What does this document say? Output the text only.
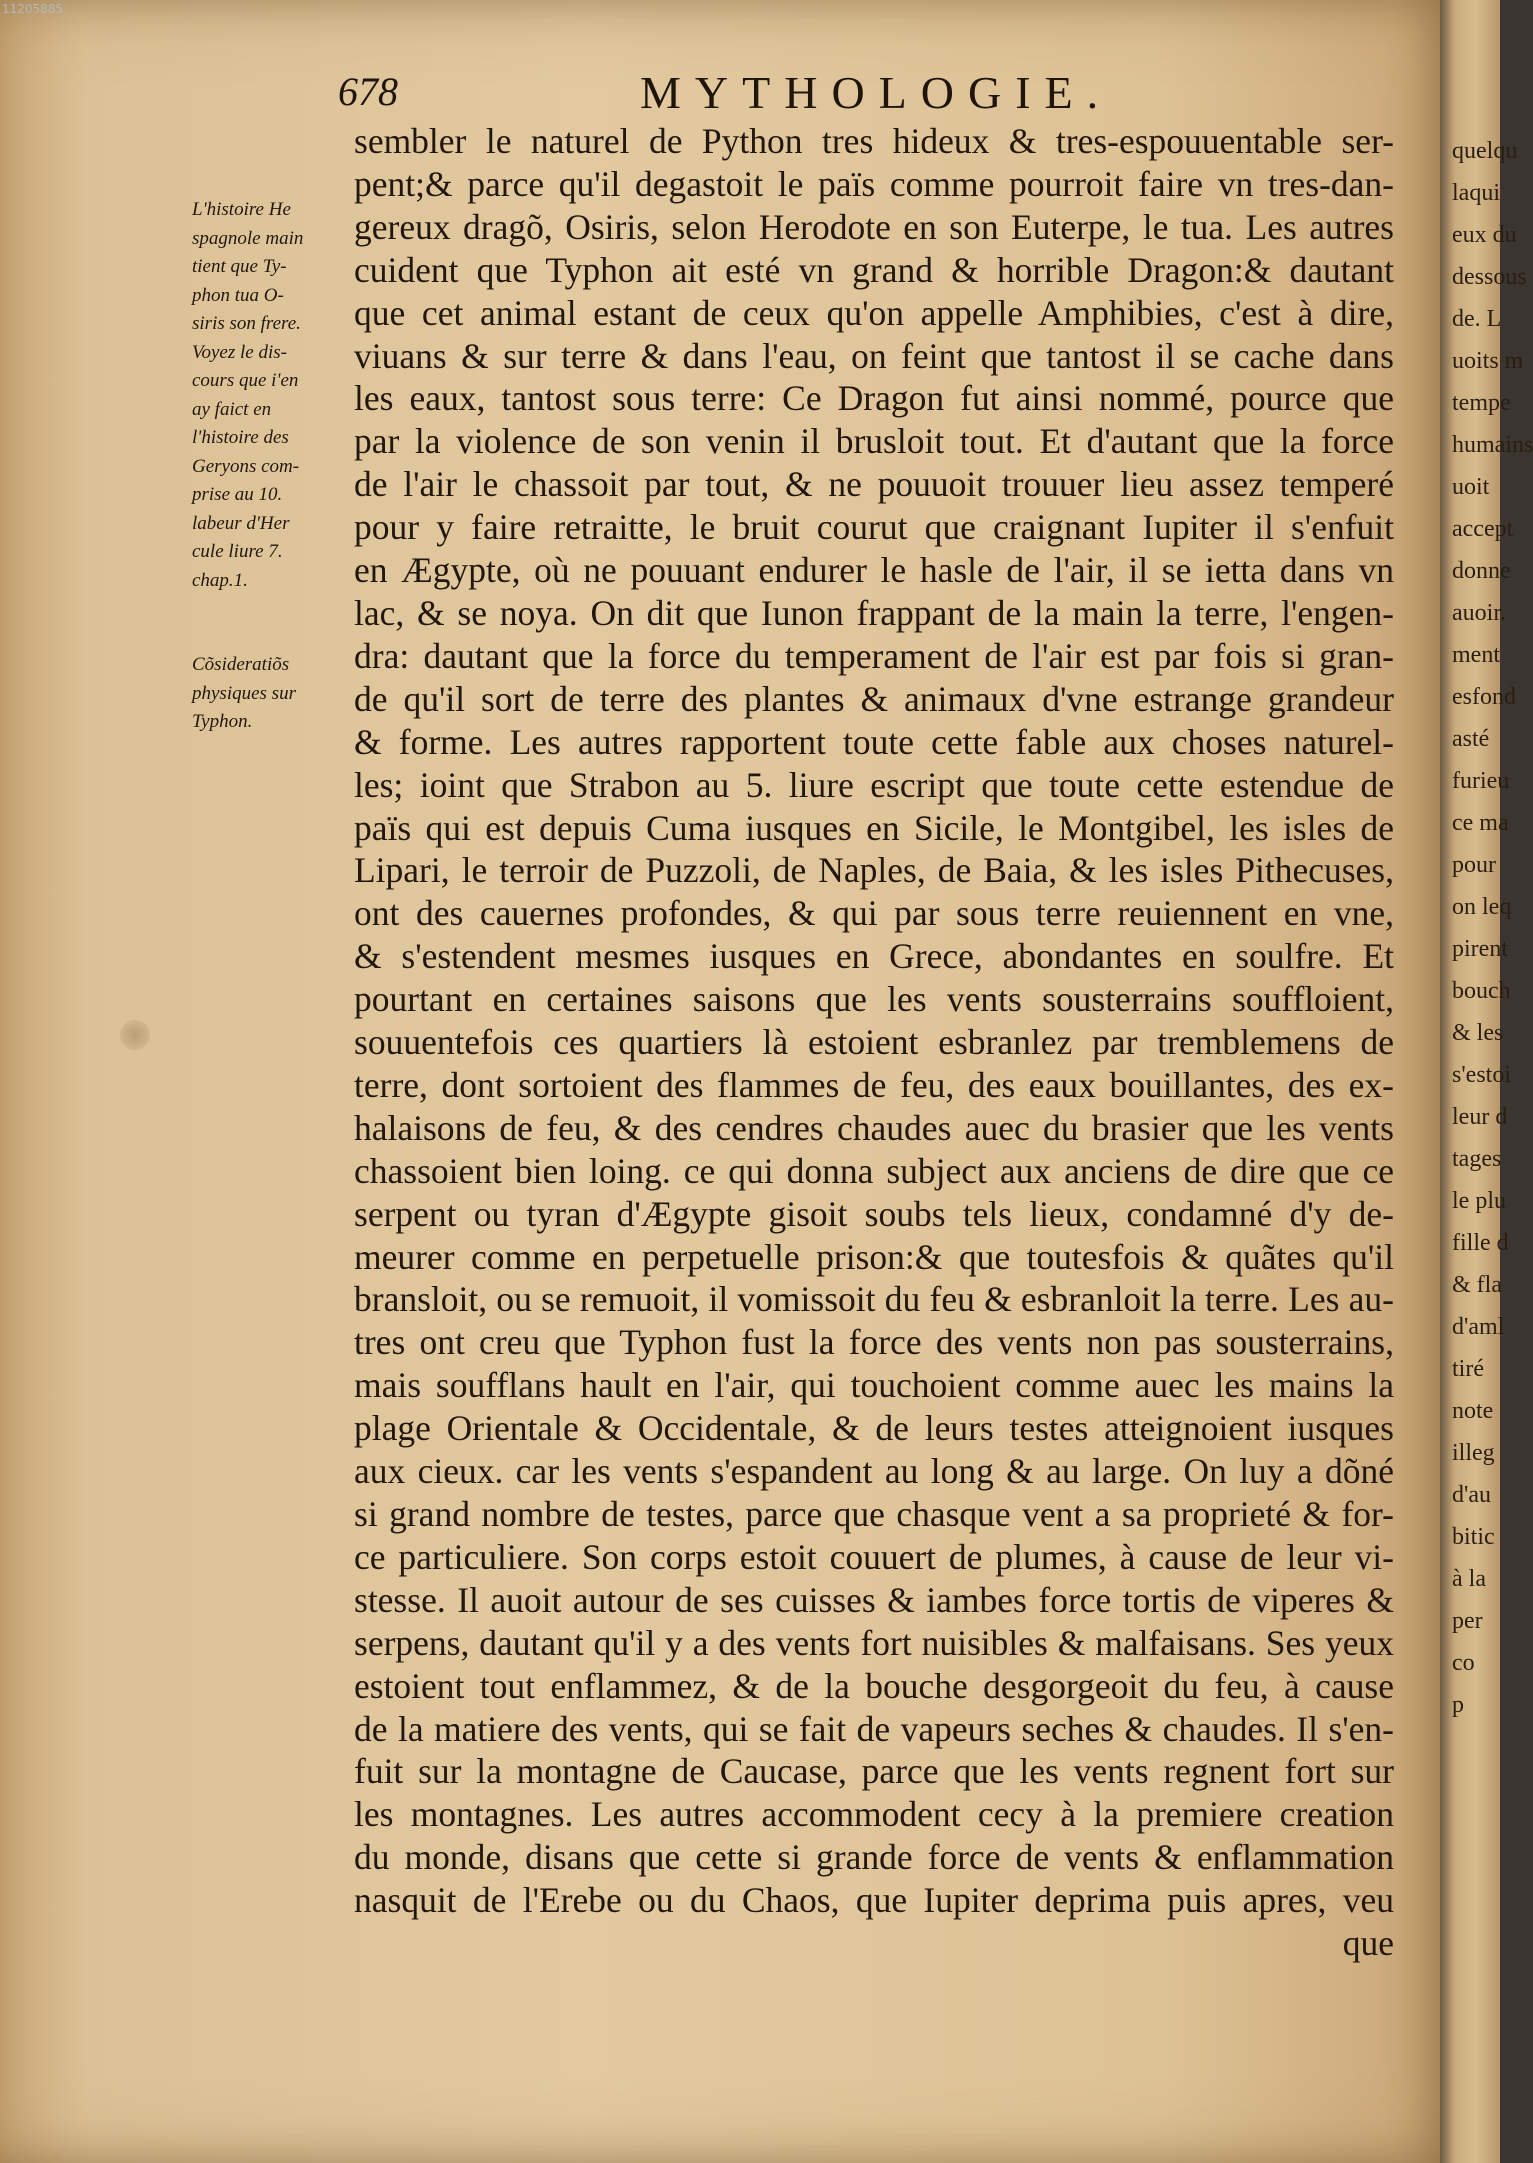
quelqu
laqui
eux du
dessous
de. L
uoits m
tempe
humains
uoit
accept
donne
auoir.
ment
esfond
asté
furieu
ce ma
pour
on leq
pirent
bouch
& les
s'estoi
leur d
tages
le plu
fille d
& fla
d'aml
tiré
note
illeg
d'au
bitic
à la
per
co
p
11205885
678	MYTHOLOGIE.
L'histoire He
spagnole main
tient que Ty-
phon tua O-
siris son frere.
Voyez le dis-
cours que i'en
ay faict en
l'histoire des
Geryons com-
prise au 10.
labeur d'Her
cule liure 7.
chap.1.
Cõsideratiõs
physiques sur
Typhon.
sembler le naturel de Python tres hideux & tres-espouuentable ser-
pent;& parce qu'il degastoit le païs comme pourroit faire vn tres-dan-
gereux dragõ, Osiris, selon Herodote en son Euterpe, le tua. Les autres
cuident que Typhon ait esté vn grand & horrible Dragon:& dautant
que cet animal estant de ceux qu'on appelle Amphibies, c'est à dire,
viuans & sur terre & dans l'eau, on feint que tantost il se cache dans
les eaux, tantost sous terre: Ce Dragon fut ainsi nommé, pource que
par la violence de son venin il brusloit tout. Et d'autant que la force
de l'air le chassoit par tout, & ne pouuoit trouuer lieu assez temperé
pour y faire retraitte, le bruit courut que craignant Iupiter il s'enfuit
en Ægypte, où ne pouuant endurer le hasle de l'air, il se ietta dans vn
lac, & se noya. On dit que Iunon frappant de la main la terre, l'engen-
dra: dautant que la force du temperament de l'air est par fois si gran-
de qu'il sort de terre des plantes & animaux d'vne estrange grandeur
& forme. Les autres rapportent toute cette fable aux choses naturel-
les; ioint que Strabon au 5. liure escript que toute cette estendue de
païs qui est depuis Cuma iusques en Sicile, le Montgibel, les isles de
Lipari, le terroir de Puzzoli, de Naples, de Baia, & les isles Pithecuses,
ont des cauernes profondes, & qui par sous terre reuiennent en vne,
& s'estendent mesmes iusques en Grece, abondantes en soulfre. Et
pourtant en certaines saisons que les vents sousterrains souffloient,
souuentefois ces quartiers là estoient esbranlez par tremblemens de
terre, dont sortoient des flammes de feu, des eaux bouillantes, des ex-
halaisons de feu, & des cendres chaudes auec du brasier que les vents
chassoient bien loing. ce qui donna subject aux anciens de dire que ce
serpent ou tyran d'Ægypte gisoit soubs tels lieux, condamné d'y de-
meurer comme en perpetuelle prison:& que toutesfois & quãtes qu'il
bransloit, ou se remuoit, il vomissoit du feu & esbranloit la terre. Les au-
tres ont creu que Typhon fust la force des vents non pas sousterrains,
mais soufflans hault en l'air, qui touchoient comme auec les mains la
plage Orientale & Occidentale, & de leurs testes atteignoient iusques
aux cieux. car les vents s'espandent au long & au large. On luy a dõné
si grand nombre de testes, parce que chasque vent a sa proprieté & for-
ce particuliere. Son corps estoit couuert de plumes, à cause de leur vi-
stesse. Il auoit autour de ses cuisses & iambes force tortis de viperes &
serpens, dautant qu'il y a des vents fort nuisibles & malfaisans. Ses yeux
estoient tout enflammez, & de la bouche desgorgeoit du feu, à cause
de la matiere des vents, qui se fait de vapeurs seches & chaudes. Il s'en-
fuit sur la montagne de Caucase, parce que les vents regnent fort sur
les montagnes. Les autres accommodent cecy à la premiere creation
du monde, disans que cette si grande force de vents & enflammation
nasquit de l'Erebe ou du Chaos, que Iupiter deprima puis apres, veu
que
